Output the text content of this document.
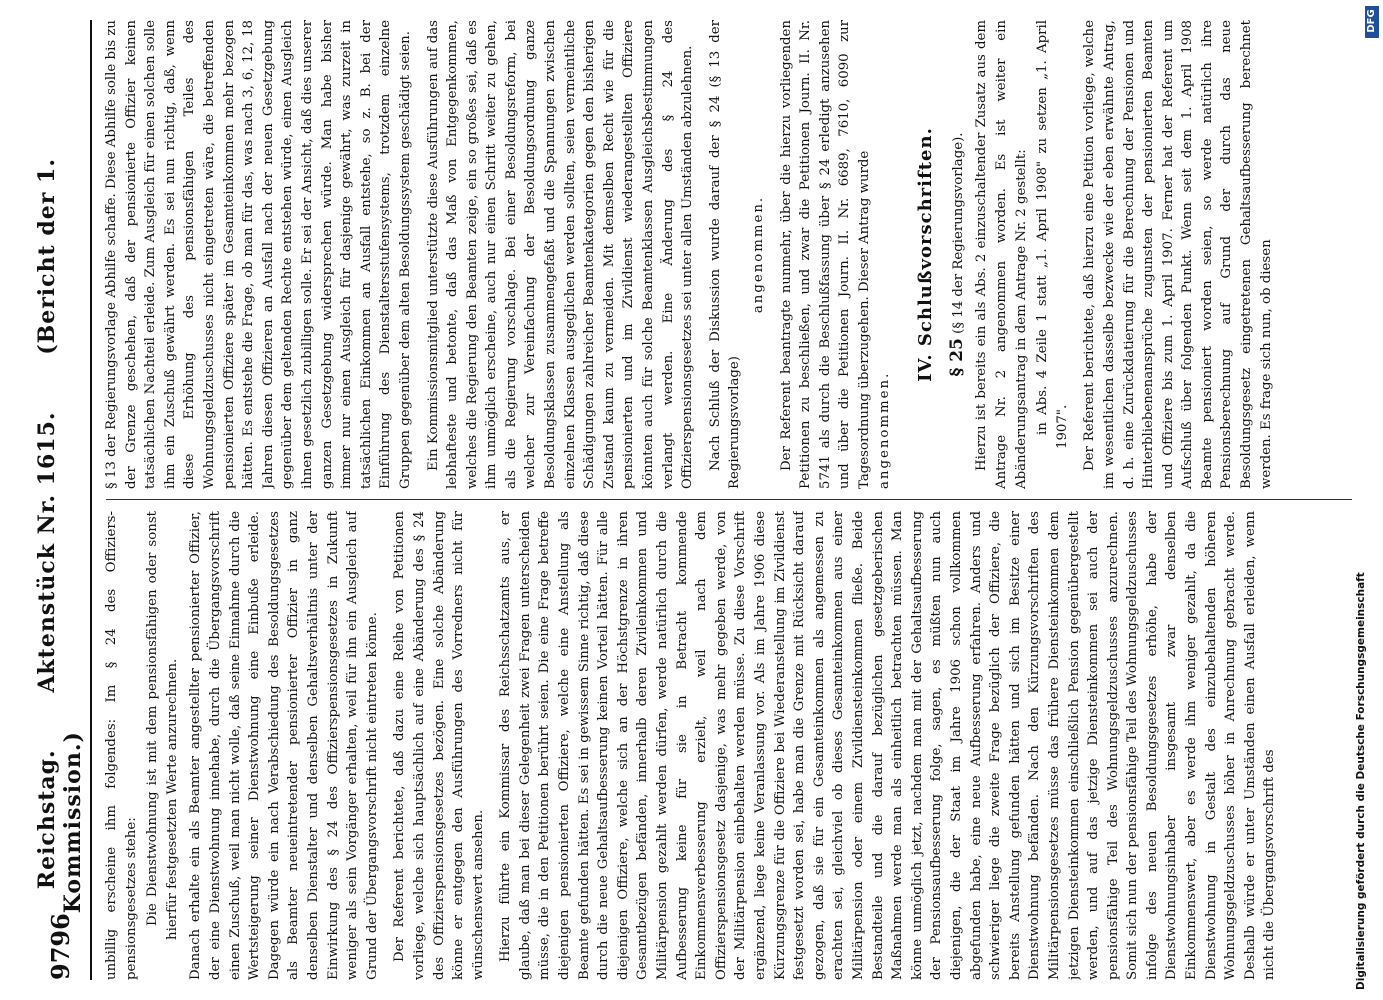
9796
Reichstag. Aktenstück Nr. 1615. (Bericht der 1. Kommission.) unbillig erscheine ihm folgendes: Im § 24 des Offiziers-pensionsgesetzes stehe: Die Dienstwohnung ist mit dem pensionsfähigen oder sonst hierfür festgesetzten Werte anzurechnen. Danach erhalte ein als Beamter angestellter pensionierter Offizier, der eine Dienstwohnung innehabe, durch die Übergangsvorschrift einen Zuschuß, weil man nicht wolle, daß seine Einnahme durch die Wertsteigerung seiner Dienstwohnung eine Einbuße erleide. Dagegen würde ein nach Verabschiedung des Besoldungsgesetzes als Beamter neueintretender pensionierter Offizier in ganz denselben Dienstalter und denselben Gehaltsverhältnis unter der Einwirkung des § 24 des Offizierspensionsgesetzes in Zukunft weniger als sein Vorgänger erhalten, weil für ihn ein Ausgleich auf Grund der Übergangsvorschrift nicht eintreten könne. Der Referent berichtete, daß dazu eine Reihe von Petitionen vorliege, welche sich hauptsächlich auf eine Abänderung des § 24 des Offizierspensionsgesetzes bezögen. Eine solche Abänderung könne er entgegen den Ausführungen des Vorredners nicht für wünschenswert ansehen. Hierzu führte ein Kommissar des Reichsschatzamts aus, er glaube, daß man bei dieser Gelegenheit zwei Fragen unterscheiden müsse, die in den Petitionen berührt seien. Die eine Frage betreffe diejenigen pensionierten Offiziere, welche eine Anstellung als Beamte gefunden hätten. Es sei in gewissem Sinne richtig, daß diese durch die neue Gehaltsaufbesserung keinen Vorteil hätten. Für alle diejenigen Offiziere, welche sich an der Höchstgrenze in ihren Gesamtbezügen befänden, innerhalb deren Zivileinkommen und Militärpension gezahlt werden dürfen, werde natürlich durch die Aufbesserung keine für sie in Betracht kommende Einkommensverbesserung erzielt, weil nach dem Offizierspensionsgesetz dasjenige, was mehr gegeben werde, von der Militärpension einbehalten werden müsse. Zu diese Vorschrift ergänzend, liege keine Veranlassung vor. Als im Jahre 1906 diese Kürzungsgrenze für die Offiziere bei Wiederanstellung im Zivildienst festgesetzt worden sei, habe man die Grenze mit Rücksicht darauf gezogen, daß sie für ein Gesamteinkommen als angemessen zu erachten sei, gleichviel ob dieses Gesamteinkommen aus einer Militärpension oder einem Zivildiensteinkommen fließe. Beide Bestandteile und die darauf bezüglichen gesetzgeberischen Maßnahmen werde man als einheitlich betrachten müssen. Man könne unmöglich jetzt, nachdem man mit der Gehaltsaufbesserung der Pensionsaufbesserung folge, sagen, es müßten nun auch diejenigen, die der Staat im Jahre 1906 schon vollkommen abgefunden habe, eine neue Aufbesserung erfahren. Anders und schwieriger liege die zweite Frage bezüglich der Offiziere, die bereits Anstellung gefunden hätten und sich im Besitze einer Dienstwohnung befänden. Nach den Kürzungsvorschriften des Militärpensionsgesetzes müsse das frühere Diensteinkommen dem jetzigen Diensteinkommen einschließlich Pension gegenübergestellt werden, und auf das jetzige Diensteinkommen sei auch der pensionsfähige Teil des Wohnungsgeldzuschusses anzurechnen. Somit sich nun der pensionsfähige Teil des Wohnungsgeldzuschusses infolge des neuen Besoldungsgesetzes erhöhe, habe der Dienstwohnungsinhaber insgesamt zwar denselben Einkommenswert, aber es werde ihm weniger gezahlt, da die Dienstwohnung in Gestalt des einzubehaltenden höheren Wohnungsgeldzuschusses höher in Anrechnung gebracht werde. Deshalb würde er unter Umständen einen Ausfall erleiden, wenn nicht die Übergangsvorschrift des

§ 13 der Regierungsvorlage Abhilfe schaffe. Diese Abhilfe solle bis zu der Grenze geschehen, daß der pensionierte Offizier keinen tatsächlichen Nachteil erleide. Zum Ausgleich für einen solchen solle ihm ein Zuschuß gewährt werden. Es sei nun richtig, daß, wenn diese Erhöhung des pensionsfähigen Teiles des Wohnungsgeldzuschusses nicht eingetreten wäre, die betreffenden pensionierten Offiziere später im Gesamteinkommen mehr bezogen hätten. Es entstehe die Frage, ob man für das, was nach 3, 6, 12, 18 Jahren diesen Offizieren an Ausfall nach der neuen Gesetzgebung gegenüber dem geltenden Rechte entstehen würde, einen Ausgleich ihnen gesetzlich zubilligen solle. Er sei der Ansicht, daß dies unserer ganzen Gesetzgebung widersprechen würde. Man habe bisher immer nur einen Ausgleich für dasjenige gewährt, was zurzeit in tatsächlichen Einkommen an Ausfall entstehe, so z. B. bei der Einführung des Dienstaltersstufensystems, trotzdem einzelne Gruppen gegenüber dem alten Besoldungssystem geschädigt seien. Ein Kommissionsmitglied unterstützte diese Ausführungen auf das lebhafteste und betonte, daß das Maß von Entgegenkommen, welches die Regierung den Beamten zeige, ein so großes sei, daß es ihm unmöglich erscheine, auch nur einen Schritt weiter zu gehen, als die Regierung vorschlage. Bei einer Besoldungsreform, bei welcher zur Vereinfachung der Besoldungsordnung ganze Besoldungsklassen zusammengefaßt und die Spannungen zwischen einzelnen Klassen ausgeglichen werden sollten, seien vermeintliche Schädigungen zahlreicher Beamtenkategorien gegen den bisherigen Zustand kaum zu vermeiden. Mit demselben Recht wie für die pensionierten und im Zivildienst wiederangestellten Offiziere könnten auch für solche Beamtenklassen Ausgleichsbestimmungen verlangt werden. Eine Änderung des § 24 des Offizierspensionsgesetzes sei unter allen Umständen abzulehnen. Nach Schluß der Diskussion wurde darauf der § 24 (§ 13 der Regierungsvorlage)

angenommen. Der Referent beantragte nunmehr, über die hierzu vorliegenden Petitionen zu beschließen, und zwar die Petitionen Journ. II. Nr. 5741 als durch die Beschlußfassung über § 24 erledigt anzusehen und über die Petitionen Journ. II. Nr. 6689, 7610, 6090 zur Tagesordnung überzugehen. Dieser Antrag wurde angenommen.

IV. Schlußvorschriften. § 25 (§ 14 der Regierungsvorlage). Hierzu ist bereits ein als Abs. 2 einzuschaltender Zusatz aus dem Antrage Nr. 2 angenommen worden. Es ist weiter ein Abänderungsantrag in dem Antrage Nr. 2 gestellt: in Abs. 4 Zeile 1 statt „1. April 1908" zu setzen „1. April 1907". Der Referent berichtete, daß hierzu eine Petition vorliege, welche im wesentlichen dasselbe bezwecke wie der eben erwähnte Antrag, d. h. eine Zurückdatierung für die Berechnung der Pensionen und Hinterbliebenenansprüche zugunsten der pensionierten Beamten und Offiziere bis zum 1. April 1907. Ferner hat der Referent um Aufschluß über folgenden Punkt. Wenn seit dem 1. April 1908 Beamte pensioniert worden seien, so werde natürlich ihre Pensionsberechnung auf Grund der durch das neue Besoldungsgesetz eingetretenen Gehaltsaufbesserung berechnet werden. Es frage sich nun, ob diesen

Digitalisierung gefördert durch die Deutsche Forschungsgemeinschaft
DFG
